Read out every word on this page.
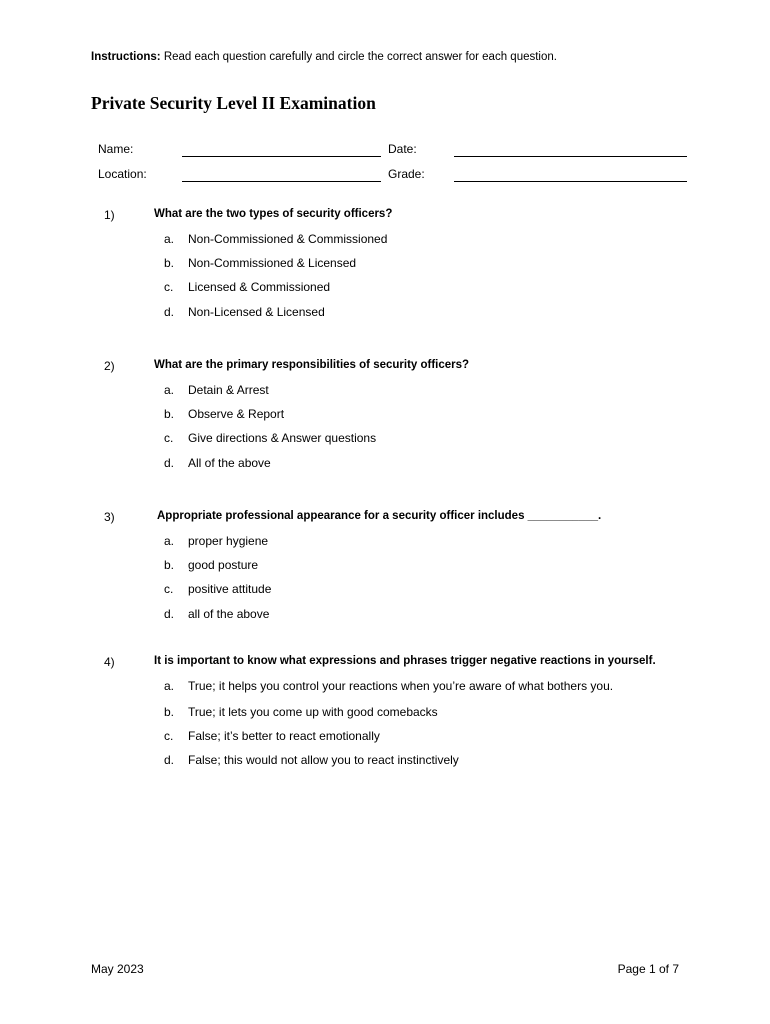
Instructions: Read each question carefully and circle the correct answer for each question.
Private Security Level II Examination
Name:	Date:
Location:	Grade:
1)	What are the two types of security officers?
a. Non-Commissioned & Commissioned
b. Non-Commissioned & Licensed
c. Licensed & Commissioned
d. Non-Licensed & Licensed
2)	What are the primary responsibilities of security officers?
a. Detain & Arrest
b. Observe & Report
c. Give directions & Answer questions
d. All of the above
3)	Appropriate professional appearance for a security officer includes ___________.
a. proper hygiene
b. good posture
c. positive attitude
d. all of the above
4)	It is important to know what expressions and phrases trigger negative reactions in yourself.
a. True; it helps you control your reactions when you’re aware of what bothers you.
b. True; it lets you come up with good comebacks
c. False; it’s better to react emotionally
d. False; this would not allow you to react instinctively
May 2023	Page 1 of 7
